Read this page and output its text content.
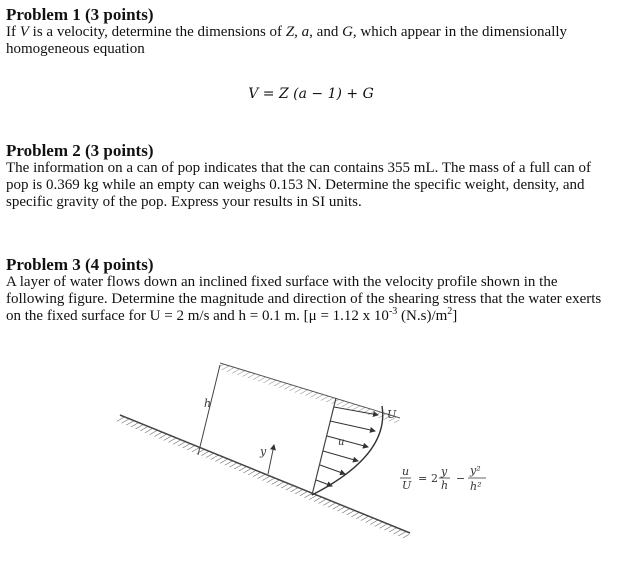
Problem 1 (3 points)

If V is a velocity, determine the dimensions of Z, a, and G, which appear in the dimensionally homogeneous equation

V = Z (a − 1) + G

Problem 2 (3 points)

The information on a can of pop indicates that the can contains 355 mL. The mass of a full can of pop is 0.369 kg while an empty can weighs 0.153 N. Determine the specific weight, density, and specific gravity of the pop. Express your results in SI units.

Problem 3 (4 points)

A layer of water flows down an inclined fixed surface with the velocity profile shown in the following figure. Determine the magnitude and direction of the shearing stress that the water exerts on the fixed surface for U = 2 m/s and h = 0.1 m. [μ = 1.12 x $10^{-3}$ $(N.s)/m^2$]

h
y
u
U
u
U
= 2
y
h
−
y²
h²
